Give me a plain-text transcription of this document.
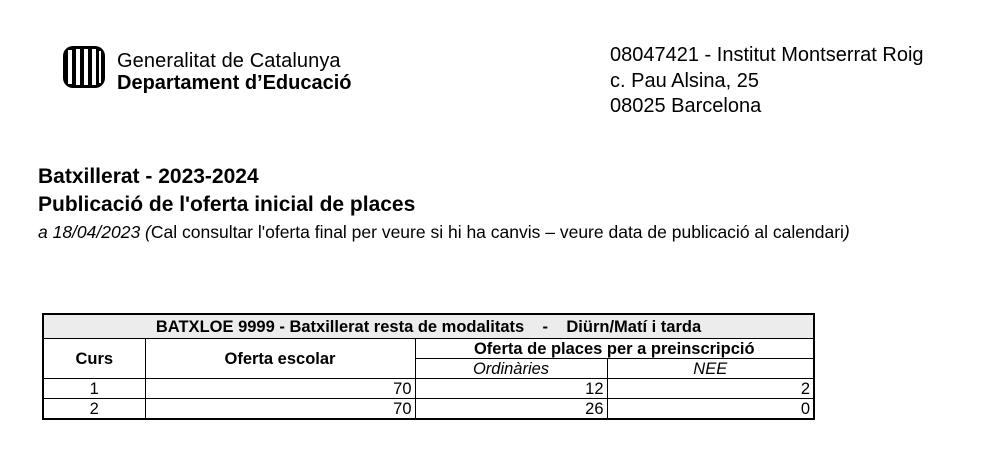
Generalitat de Catalunya
Departament d’Educació
08047421 - Institut Montserrat Roig
c. Pau Alsina, 25
08025 Barcelona
Batxillerat - 2023-2024
Publicació de l'oferta inicial de places
a 18/04/2023 (Cal consultar l'oferta final per veure si hi ha canvis – veure data de publicació al calendari)
BATXLOE 9999 - Batxillerat resta de modalitats    -    Diürn/Matí i tarda			
Curs	Oferta escolar	Oferta de places per a preinscripció	
		Ordinàries	NEE
1	70	12	2
2	70	26	0
